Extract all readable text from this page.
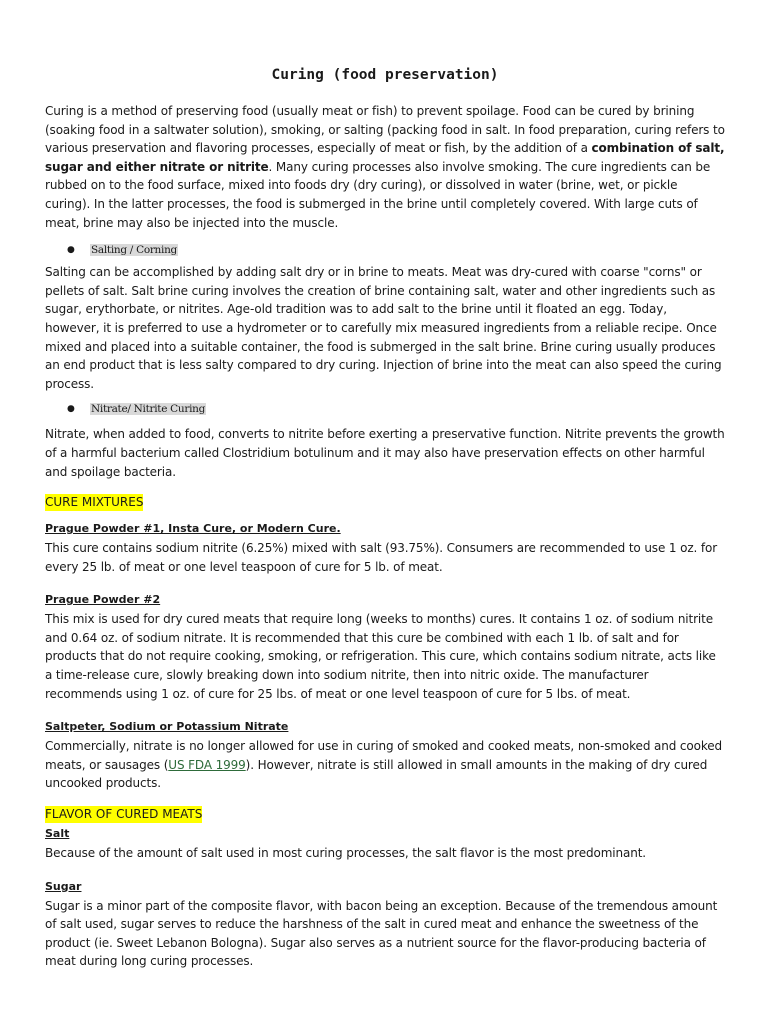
Curing (food preservation)

Curing is a method of preserving food (usually meat or fish) to prevent spoilage. Food can be cured by brining (soaking food in a saltwater solution), smoking, or salting (packing food in salt. In food preparation, curing refers to various preservation and flavoring processes, especially of meat or fish, by the addition of a combination of salt, sugar and either nitrate or nitrite. Many curing processes also involve smoking. The cure ingredients can be rubbed on to the food surface, mixed into foods dry (dry curing), or dissolved in water (brine, wet, or pickle curing). In the latter processes, the food is submerged in the brine until completely covered. With large cuts of meat, brine may also be injected into the muscle.

●	Salting / Corning

Salting can be accomplished by adding salt dry or in brine to meats. Meat was dry-cured with coarse "corns" or pellets of salt. Salt brine curing involves the creation of brine containing salt, water and other ingredients such as sugar, erythorbate, or nitrites. Age-old tradition was to add salt to the brine until it floated an egg. Today, however, it is preferred to use a hydrometer or to carefully mix measured ingredients from a reliable recipe. Once mixed and placed into a suitable container, the food is submerged in the salt brine. Brine curing usually produces an end product that is less salty compared to dry curing. Injection of brine into the meat can also speed the curing process.

●	Nitrate/ Nitrite Curing

Nitrate, when added to food, converts to nitrite before exerting a preservative function. Nitrite prevents the growth of a harmful bacterium called Clostridium botulinum and it may also have preservation effects on other harmful and spoilage bacteria.

CURE MIXTURES
Prague Powder #1, Insta Cure, or Modern Cure.

This cure contains sodium nitrite (6.25%) mixed with salt (93.75%). Consumers are recommended to use 1 oz. for every 25 lb. of meat or one level teaspoon of cure for 5 lb. of meat.

Prague Powder #2

This mix is used for dry cured meats that require long (weeks to months) cures. It contains 1 oz. of sodium nitrite and 0.64 oz. of sodium nitrate. It is recommended that this cure be combined with each 1 lb. of salt and for products that do not require cooking, smoking, or refrigeration. This cure, which contains sodium nitrate, acts like a time-release cure, slowly breaking down into sodium nitrite, then into nitric oxide. The manufacturer recommends using 1 oz. of cure for 25 lbs. of meat or one level teaspoon of cure for 5 lbs. of meat.

Saltpeter, Sodium or Potassium Nitrate

Commercially, nitrate is no longer allowed for use in curing of smoked and cooked meats, non-smoked and cooked meats, or sausages (US FDA 1999). However, nitrate is still allowed in small amounts in the making of dry cured uncooked products.

FLAVOR OF CURED MEATS
Salt

Because of the amount of salt used in most curing processes, the salt flavor is the most predominant.

Sugar

Sugar is a minor part of the composite flavor, with bacon being an exception. Because of the tremendous amount of salt used, sugar serves to reduce the harshness of the salt in cured meat and enhance the sweetness of the product (ie. Sweet Lebanon Bologna). Sugar also serves as a nutrient source for the flavor-producing bacteria of meat during long curing processes.
